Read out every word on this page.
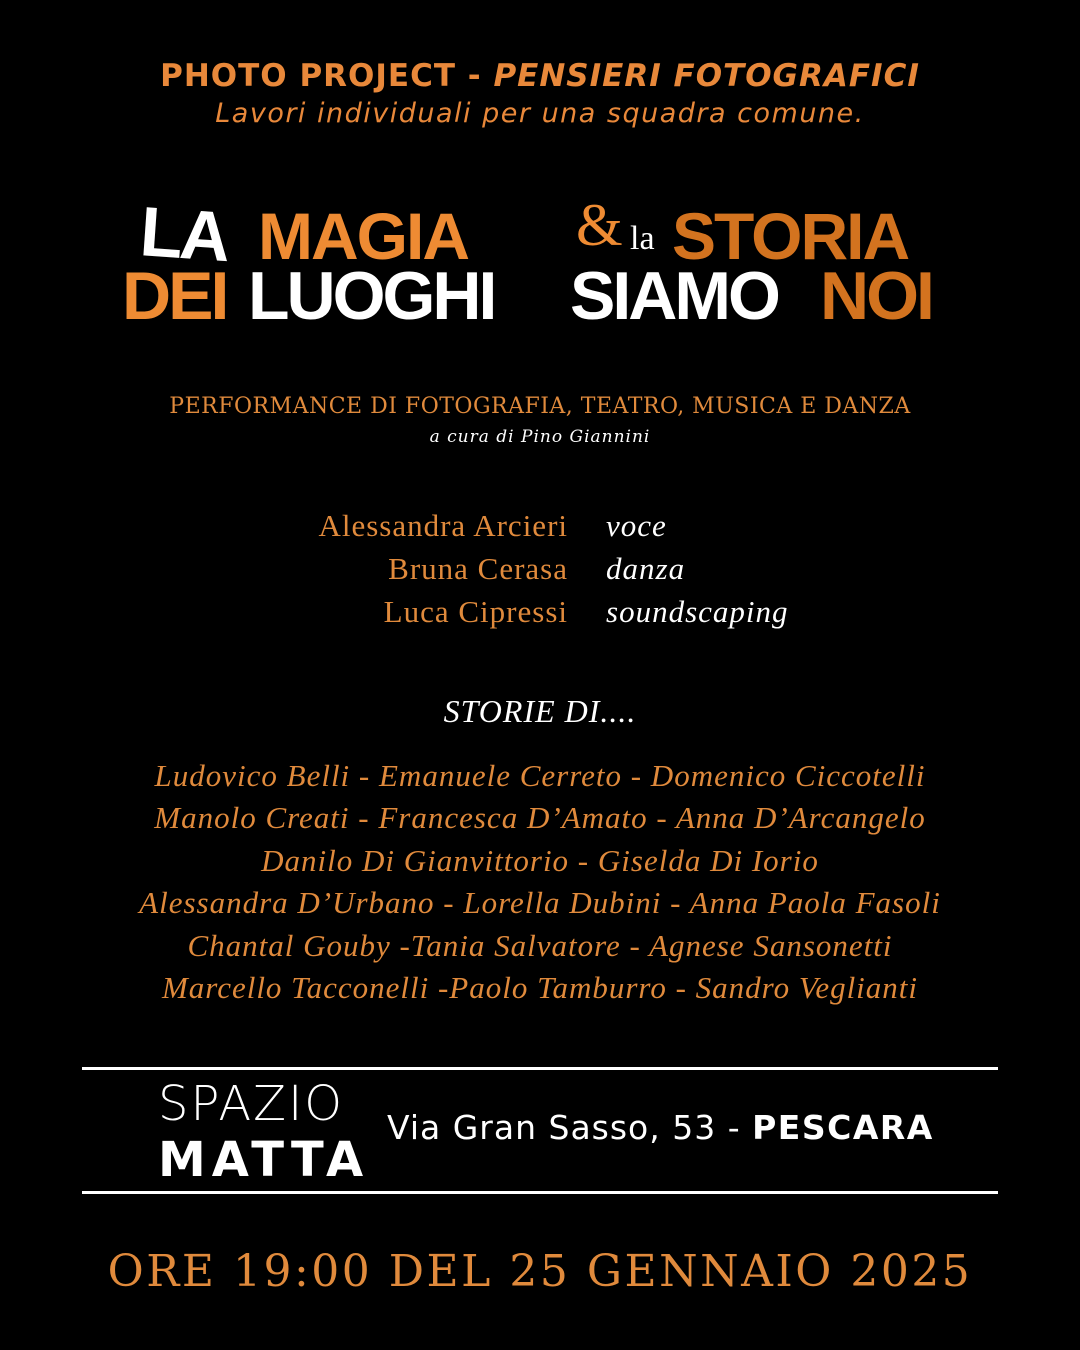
PHOTO PROJECT - PENSIERI FOTOGRAFICI
Lavori individuali per una squadra comune.
LA MAGIA & la STORIA
DEI LUOGHI SIAMO NOI
PERFORMANCE DI FOTOGRAFIA, TEATRO, MUSICA E DANZA
a cura di Pino Giannini
Alessandra Arcieri voce
Bruna Cerasa danza
Luca Cipressi soundscaping
STORIE DI....
Ludovico Belli - Emanuele Cerreto - Domenico Ciccotelli
Manolo Creati - Francesca D’Amato - Anna D’Arcangelo
Danilo Di Gianvittorio - Giselda Di Iorio
Alessandra D’Urbano - Lorella Dubini - Anna Paola Fasoli
Chantal Gouby -Tania Salvatore - Agnese Sansonetti
Marcello Tacconelli -Paolo Tamburro - Sandro Veglianti
SPAZIO
MATTA
Via Gran Sasso, 53 - PESCARA
ORE 19:00 DEL 25 GENNAIO 2025
